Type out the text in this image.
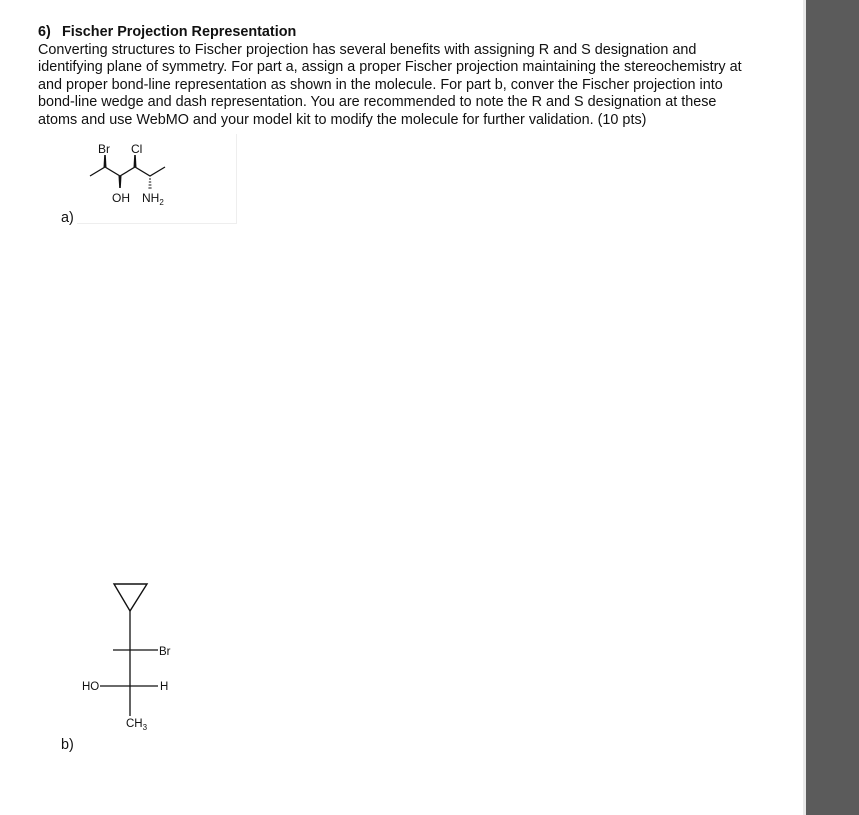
6) Fischer Projection Representation
Converting structures to Fischer projection has several benefits with assigning R and S designation and
identifying plane of symmetry. For part a, assign a proper Fischer projection maintaining the stereochemistry at
and proper bond-line representation as shown in the molecule. For part b, conver the Fischer projection into
bond-line wedge and dash representation. You are recommended to note the R and S designation at these
atoms and use WebMO and your model kit to modify the molecule for further validation. (10 pts)
Br Cl
OH $NH_2$
a)
Br
HO	H
$CH_3$
b)
